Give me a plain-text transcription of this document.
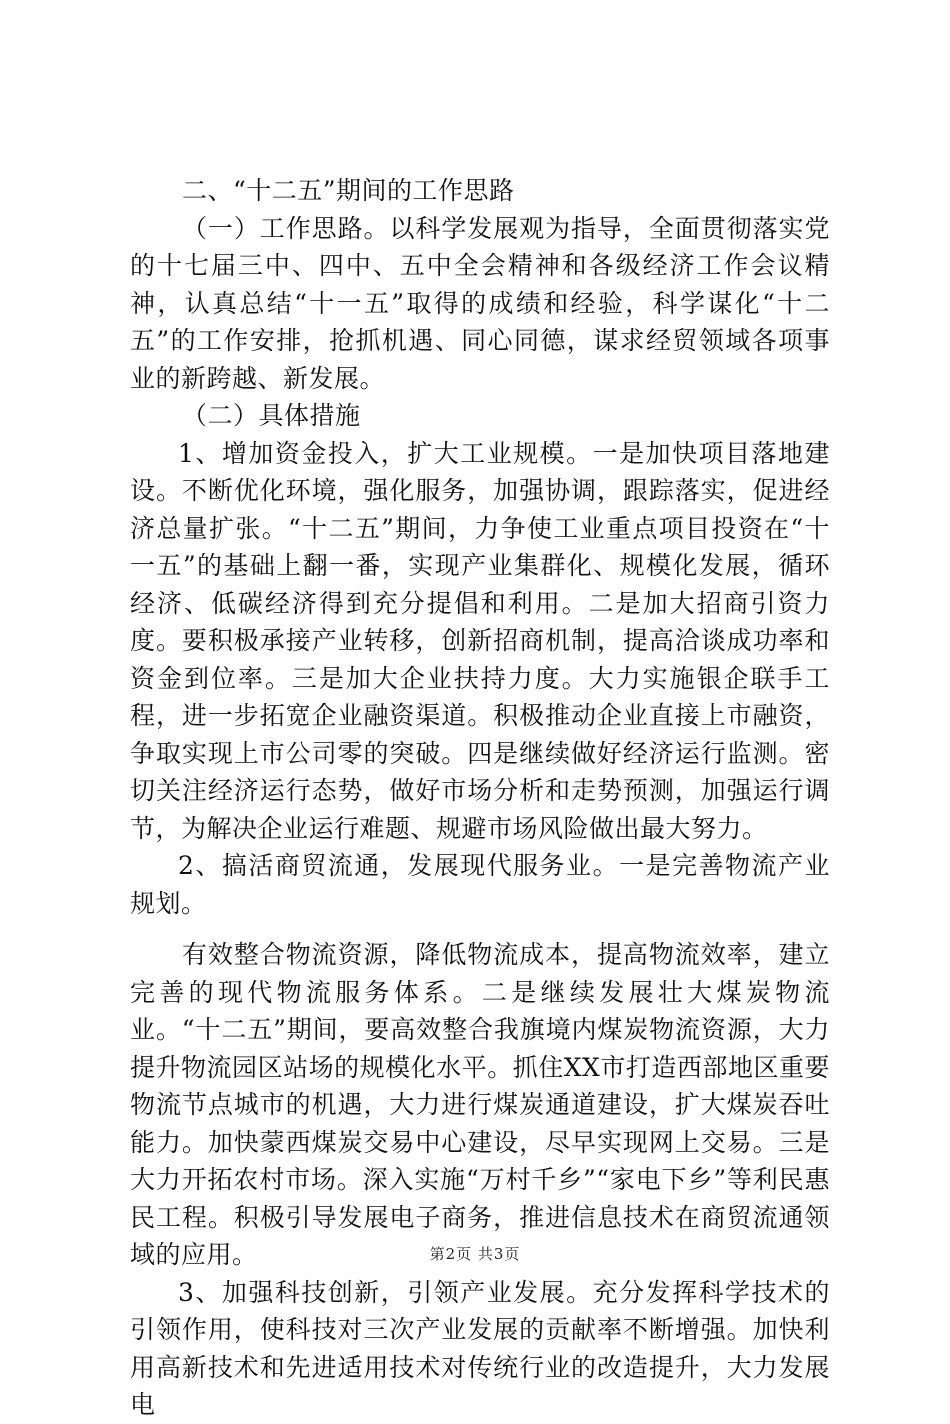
二、“十二五”期间的工作思路

（一）工作思路。以科学发展观为指导，全面贯彻落实党的十七届三中、四中、五中全会精神和各级经济工作会议精神，认真总结“十一五”取得的成绩和经验，科学谋化“十二五”的工作安排，抢抓机遇、同心同德，谋求经贸领域各项事业的新跨越、新发展。

（二）具体措施

1、增加资金投入，扩大工业规模。一是加快项目落地建设。不断优化环境，强化服务，加强协调，跟踪落实，促进经济总量扩张。“十二五”期间，力争使工业重点项目投资在“十一五”的基础上翻一番，实现产业集群化、规模化发展，循环经济、低碳经济得到充分提倡和利用。二是加大招商引资力度。要积极承接产业转移，创新招商机制，提高洽谈成功率和资金到位率。三是加大企业扶持力度。大力实施银企联手工程，进一步拓宽企业融资渠道。积极推动企业直接上市融资，争取实现上市公司零的突破。四是继续做好经济运行监测。密切关注经济运行态势，做好市场分析和走势预测，加强运行调节，为解决企业运行难题、规避市场风险做出最大努力。

2、搞活商贸流通，发展现代服务业。一是完善物流产业规划。

有效整合物流资源，降低物流成本，提高物流效率，建立完善的现代物流服务体系。二是继续发展壮大煤炭物流业。“十二五”期间，要高效整合我旗境内煤炭物流资源，大力提升物流园区站场的规模化水平。抓住XX市打造西部地区重要物流节点城市的机遇，大力进行煤炭通道建设，扩大煤炭吞吐能力。加快蒙西煤炭交易中心建设，尽早实现网上交易。三是大力开拓农村市场。深入实施“万村千乡”“家电下乡”等利民惠民工程。积极引导发展电子商务，推进信息技术在商贸流通领域的应用。

3、加强科技创新，引领产业发展。充分发挥科学技术的引领作用，使科技对三次产业发展的贡献率不断增强。加快利用高新技术和先进适用技术对传统行业的改造提升，大力发展电

第2页 共3页
